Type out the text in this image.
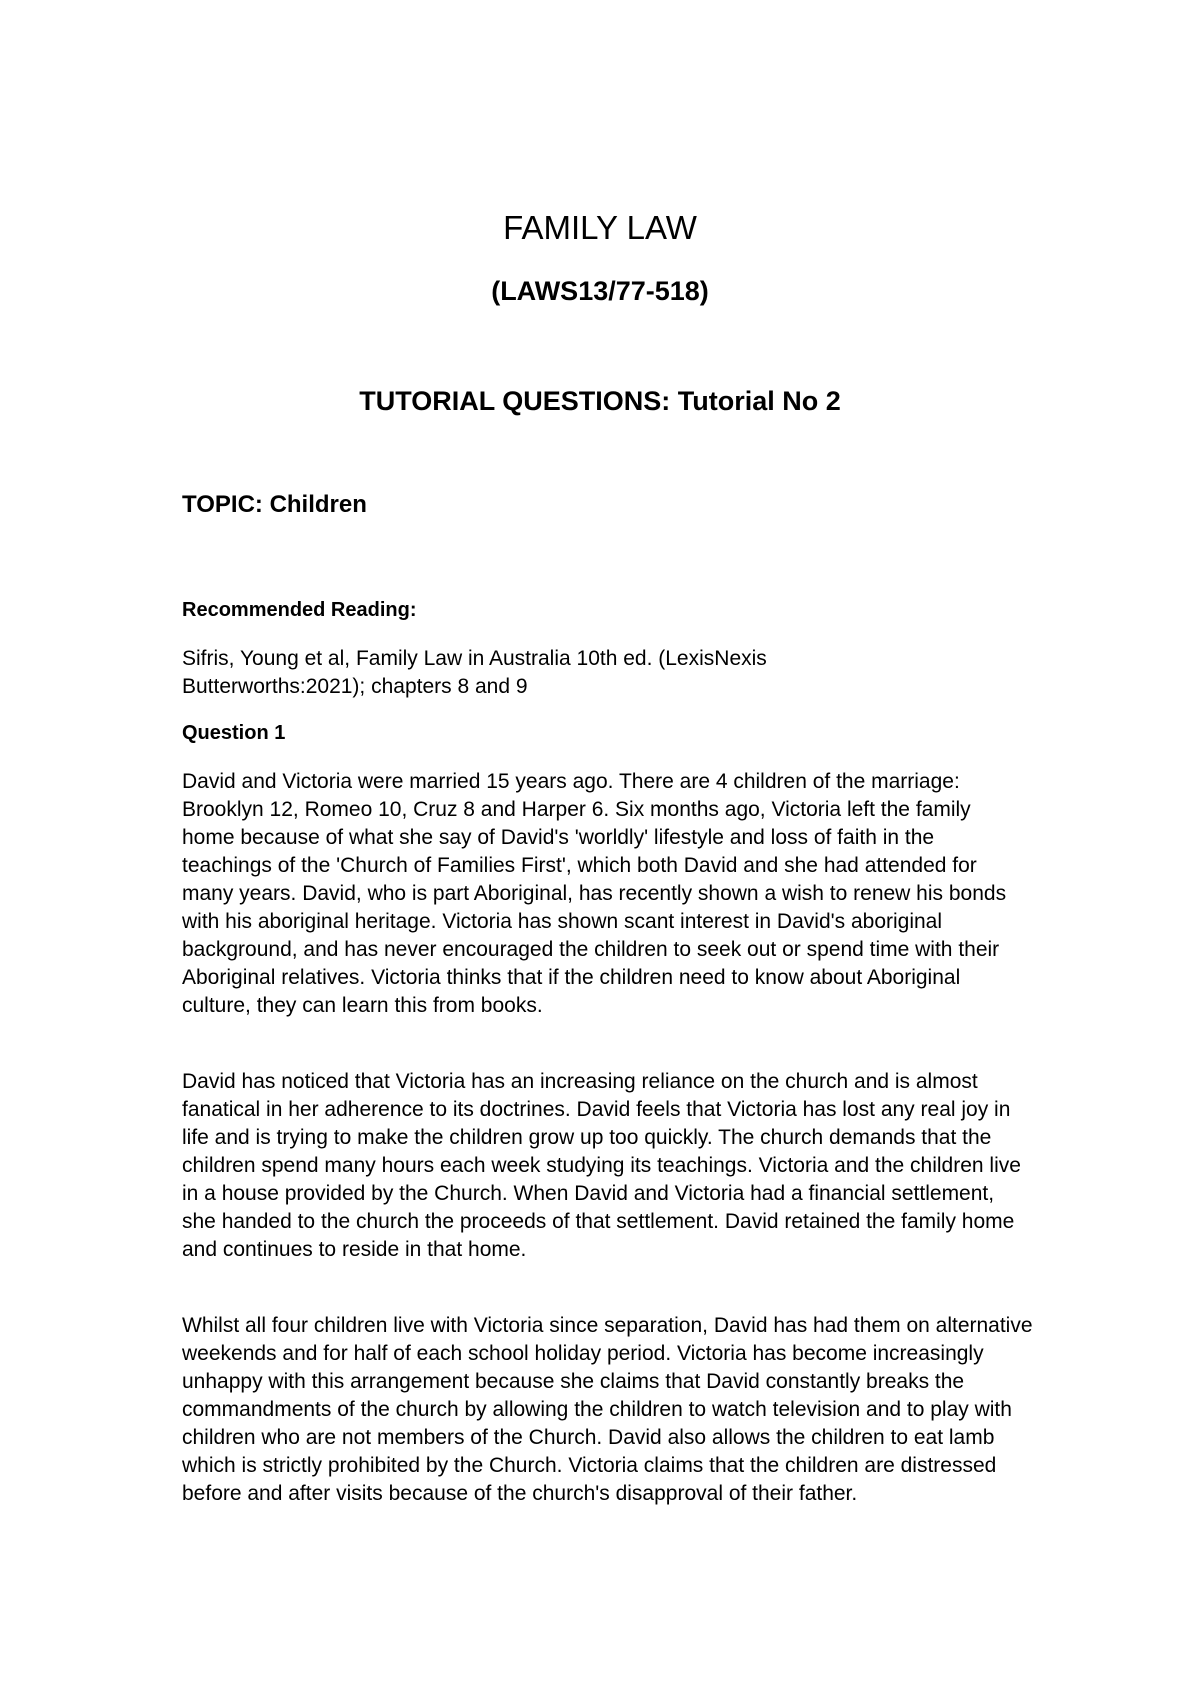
FAMILY LAW
(LAWS13/77-518)
TUTORIAL QUESTIONS: Tutorial No 2
TOPIC: Children
Recommended Reading:

Sifris, Young et al, Family Law in Australia 10th ed. (LexisNexis Butterworths:2021); chapters 8 and 9

Question 1

David and Victoria were married 15 years ago. There are 4 children of the marriage: Brooklyn 12, Romeo 10, Cruz 8 and Harper 6. Six months ago, Victoria left the family home because of what she say of David's 'worldly' lifestyle and loss of faith in the teachings of the 'Church of Families First', which both David and she had attended for many years. David, who is part Aboriginal, has recently shown a wish to renew his bonds with his aboriginal heritage. Victoria has shown scant interest in David's aboriginal background, and has never encouraged the children to seek out or spend time with their Aboriginal relatives. Victoria thinks that if the children need to know about Aboriginal culture, they can learn this from books.

David has noticed that Victoria has an increasing reliance on the church and is almost fanatical in her adherence to its doctrines. David feels that Victoria has lost any real joy in life and is trying to make the children grow up too quickly. The church demands that the children spend many hours each week studying its teachings. Victoria and the children live in a house provided by the Church. When David and Victoria had a financial settlement, she handed to the church the proceeds of that settlement. David retained the family home and continues to reside in that home.

Whilst all four children live with Victoria since separation, David has had them on alternative weekends and for half of each school holiday period. Victoria has become increasingly unhappy with this arrangement because she claims that David constantly breaks the commandments of the church by allowing the children to watch television and to play with children who are not members of the Church. David also allows the children to eat lamb which is strictly prohibited by the Church. Victoria claims that the children are distressed before and after visits because of the church's disapproval of their father.
